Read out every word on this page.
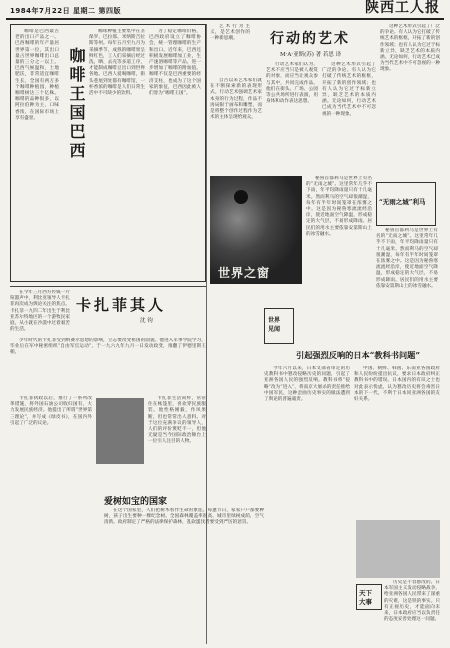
1984年7月22日 星期二 第四版	陕西工人报

咖啡是巴西最古老的出口产品之一。巴西咖啡的年产量居世界第一位，其出口量占世界咖啡出口总量的三分之一以上。巴西气候温和，土地肥沃，非常适宜咖啡生长，全国有两万多个咖啡种植园，种植咖啡树达三十亿株。咖啡的品种很多，以阿拉伯种为主，口味香浓，在国际市场上享有盛誉。	咖啡王国巴西

咖啡种植主要集中在圣保罗、巴拉那、米纳斯吉拉斯等州。每年五月至九月为采摘季节，成熟的咖啡果呈鲜红色，工人们采摘后经过洗、晒、去壳等多道工序，才能制成咖啡豆出口到世界各地。巴西人爱喝咖啡，街头巷尾到处都有咖啡馆，一杯香浓的咖啡是人们日常生活中不可缺少的饮料。

为了稳定咖啡价格，巴西政府设立了咖啡协会，统一管理咖啡的生产和出口。近年来，巴西还积极发展咖啡加工业，生产速溶咖啡等产品，进一步增加了咖啡的附加值。咖啡不仅是巴西重要的经济支柱，也成为了这个国家的象征，巴西因此被人们誉为“咖啡王国”。

艺术行为主义，是艺术创作的一种新思潮。	行动的艺术
M·A·亚斯(苏) 著 若思 译

自古以来艺术家们就在不断探索新的表现形式。行动艺术强调艺术家本身的行为过程，作品不再局限于画布和雕塑，而是将整个创作过程作为艺术的主体呈现给观众。

行动艺术家们认为，艺术不应当只是被人观赏的对象，而应当让观众参与其中，共同完成作品。他们在街头、广场、公园等公共场所进行表演，用身体和动作表达思想。

这种艺术形式引起了广泛的争论。有人认为它打破了传统艺术的框框，开拓了新的创作领域；也有人认为它过于标新立异，缺乏艺术的本质内涵。无论如何，行动艺术已成为当代艺术中不可忽视的一种现象。

这种艺术形式引起了广泛的争论。有人认为它打破了传统艺术的框框，开拓了新的创作领域；也有人认为它过于标新立异，缺乏艺术的本质内涵。无论如何，行动艺术已成为当代艺术中不可忽视的一种现象。

世界之窗
“无雨之城”利马

秘鲁首都利马是世界上有名的“无雨之城”。这里常年几乎不下雨，年平均降雨量只有十几毫米。然而利马的空气却很潮湿，每年有半年时间笼罩在浓雾之中。这是因为秘鲁寒流流经沿岸，使近地面空气降温，形成稳定的大气层，不易形成降雨。居民们的用水主要依靠安第斯山上的冰雪融水。

秘鲁首都利马是世界上有名的“无雨之城”。这里常年几乎不下雨，年平均降雨量只有十几毫米。然而利马的空气却很潮湿，每年有半年时间笼罩在浓雾之中。这是因为秘鲁寒流流经沿岸，使近地面空气降温，形成稳定的大气层，不易形成降雨。居民们的用水主要依靠安第斯山上的冰雪融水。

在今年三月西方传媒一片喧嚣声中，利比亚领导人卡扎菲再次成为舆论关注的焦点。卡扎菲一九四二年出生于利比亚苏尔特地区的一个游牧民家庭，从小就在沙漠中过着艰苦的生活。

卡扎菲其人
沈 钧

少年时代的卡扎菲受到纳赛尔思想的影响，立志要改变祖国的面貌。他进入军事学院学习，毕业后在军中秘密组织“自由军官运动”，于一九六九年九月一日发动政变，推翻了伊德里斯王朝。

卡扎菲执政以后，推行了一系列改革措施，将外国石油公司收归国有，大力发展民族经济。他提出了所谓“世界第三理论”，并写成《绿皮书》，在国内外引起了广泛的议论。

卡扎菲生活简朴，常常住在帐篷里，喜欢穿民族服装。他性格刚毅，作风果断，但也常常出人意料。对于这位充满争议的领导人，人们的评价褒贬不一，但他无疑是当今国际政治舞台上一位引人注目的人物。

爱树如宝的国家

在这个国家里，人们把树木看作生命的象征。每逢节日，家家户户都要种树，孩子出生要种一棵纪念树。全国森林覆盖率很高，城市里绿树成荫，空气清新。政府制定了严格的法律保护森林，乱砍滥伐者要受到严厉的惩罚。

世界
见闻
引起强烈反响的日本“教科书问题”

今年六月以来，日本文部省审定的历史教科书中篡改侵略历史的问题，引起了亚洲各国人民的强烈反响。教科书将“侵略”改为“进入”，将南京大屠杀的责任推给中国军民，这种歪曲历史事实的做法遭到了舆论的普遍谴责。

中国、朝鲜、韩国、东南亚各国政府和人民纷纷提出抗议，要求日本政府纠正教科书中的错误。日本国内的有识之士也对此表示忧虑，认为篡改历史将会毒害日本的下一代，不利于日本同亚洲各国的友好关系。

历史是不容篡改的。日本军国主义发动侵略战争，给亚洲各国人民带来了深重的灾难，这是铁的事实。只有正视历史，才能面向未来，日本政府应当以负责任的态度妥善处理这一问题。

天下
大事
